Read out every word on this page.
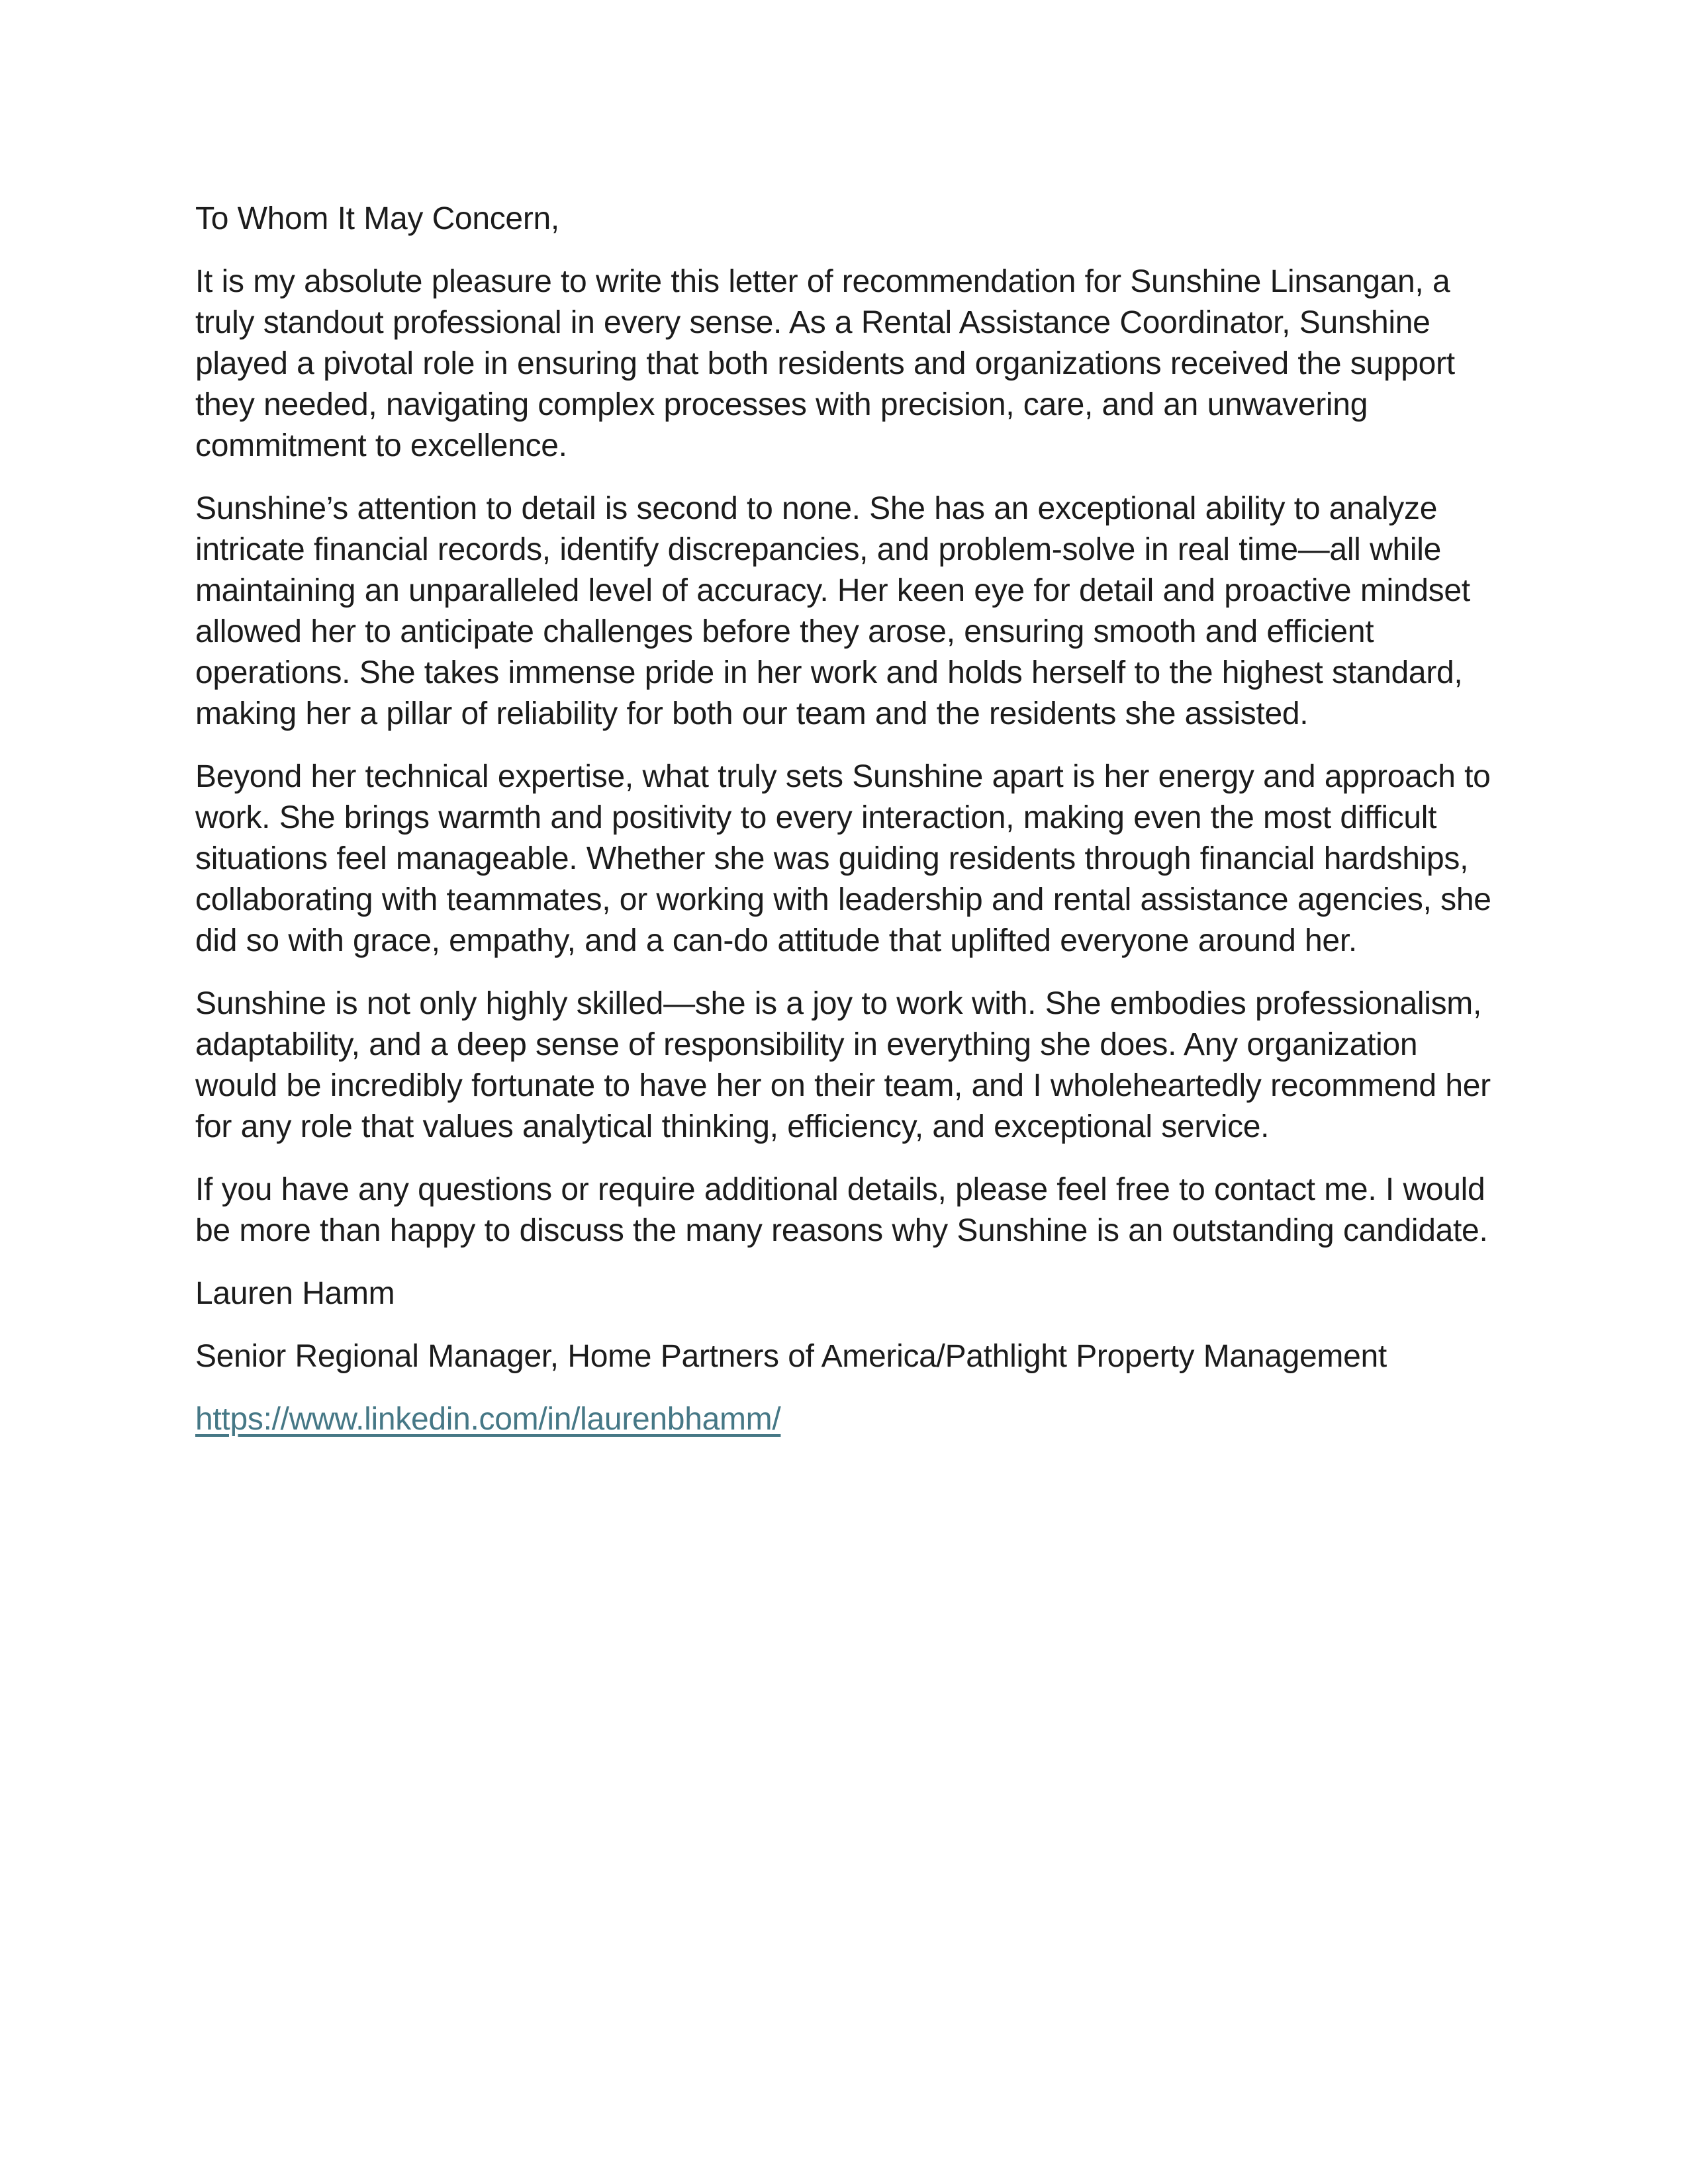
To Whom It May Concern,

It is my absolute pleasure to write this letter of recommendation for Sunshine Linsangan, a truly standout professional in every sense. As a Rental Assistance Coordinator, Sunshine played a pivotal role in ensuring that both residents and organizations received the support they needed, navigating complex processes with precision, care, and an unwavering commitment to excellence.

Sunshine’s attention to detail is second to none. She has an exceptional ability to analyze intricate financial records, identify discrepancies, and problem-solve in real time—all while maintaining an unparalleled level of accuracy. Her keen eye for detail and proactive mindset allowed her to anticipate challenges before they arose, ensuring smooth and efficient operations. She takes immense pride in her work and holds herself to the highest standard, making her a pillar of reliability for both our team and the residents she assisted.

Beyond her technical expertise, what truly sets Sunshine apart is her energy and approach to work. She brings warmth and positivity to every interaction, making even the most difficult situations feel manageable. Whether she was guiding residents through financial hardships, collaborating with teammates, or working with leadership and rental assistance agencies, she did so with grace, empathy, and a can-do attitude that uplifted everyone around her.

Sunshine is not only highly skilled—she is a joy to work with. She embodies professionalism, adaptability, and a deep sense of responsibility in everything she does. Any organization would be incredibly fortunate to have her on their team, and I wholeheartedly recommend her for any role that values analytical thinking, efficiency, and exceptional service.

If you have any questions or require additional details, please feel free to contact me. I would be more than happy to discuss the many reasons why Sunshine is an outstanding candidate.

Lauren Hamm

Senior Regional Manager, Home Partners of America/Pathlight Property Management

https://www.linkedin.com/in/laurenbhamm/
